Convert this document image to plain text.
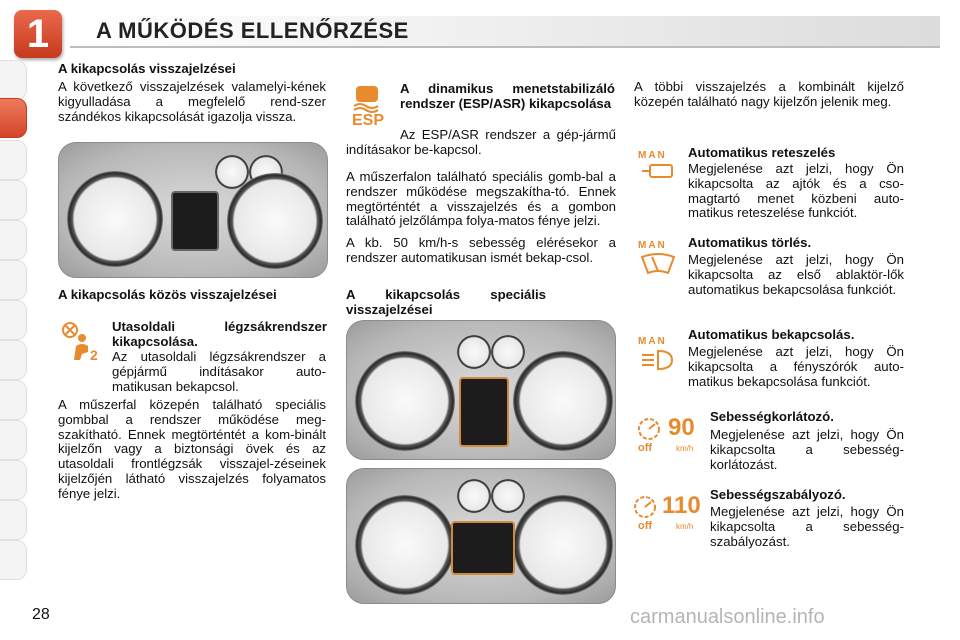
1	A MŰKÖDÉS ELLENŐRZÉSE
A kikapcsolás visszajelzései
A következő visszajelzések valamelyi-kének kigyulladása a megfelelő rend-szer szándékos kikapcsolását igazolja vissza.
A kikapcsolás közös visszajelzései
2
Utasoldali légzsákrendszer kikapcsolása.
Az utasoldali légzsákrendszer a gépjármű indításakor auto-matikusan bekapcsol.
A műszerfal közepén található speciális gombbal a rendszer működése meg-szakítható. Ennek megtörténtét a kom-binált kijelzőn vagy a biztonsági övek és az utasoldali frontlégzsák visszajel-zéseinek kijelzőjén látható visszajelzés folyamatos fénye jelzi.
ESP
A dinamikus menetstabilizáló rendszer (ESP/ASR) kikapcsolása
Az ESP/ASR rendszer a gép-jármű indításakor be-kapcsol.
A műszerfalon található speciális gomb-bal a rendszer működése megszakítha-tó. Ennek megtörténtét a visszajelzés és a gombon található jelzőlámpa folya-matos fénye jelzi.
A kb. 50 km/h-s sebesség elérésekor a rendszer automatikusan ismét bekap-csol.
A kikapcsolás speciális visszajelzései
A többi visszajelzés a kombinált kijelző közepén található nagy kijelzőn jelenik meg.
MAN	Automatikus reteszelés
Megjelenése azt jelzi, hogy Ön kikapcsolta az ajtók és a cso-magtartó menet közbeni auto-matikus reteszelése funkciót.
MAN	Automatikus törlés.
Megjelenése azt jelzi, hogy Ön kikapcsolta az első ablaktör-lők automatikus bekapcsolása funkciót.
MAN	Automatikus bekapcsolás.
Megjelenése azt jelzi, hogy Ön kikapcsolta a fényszórók auto-matikus bekapcsolása funkciót.
90
off	km/h
Sebességkorlátozó.
Megjelenése azt jelzi, hogy Ön kikapcsolta a sebesség-korlátozást.
110
off	km/h
Sebességszabályozó.
Megjelenése azt jelzi, hogy Ön kikapcsolta a sebesség-szabályozást.
28	carmanualsonline.info
